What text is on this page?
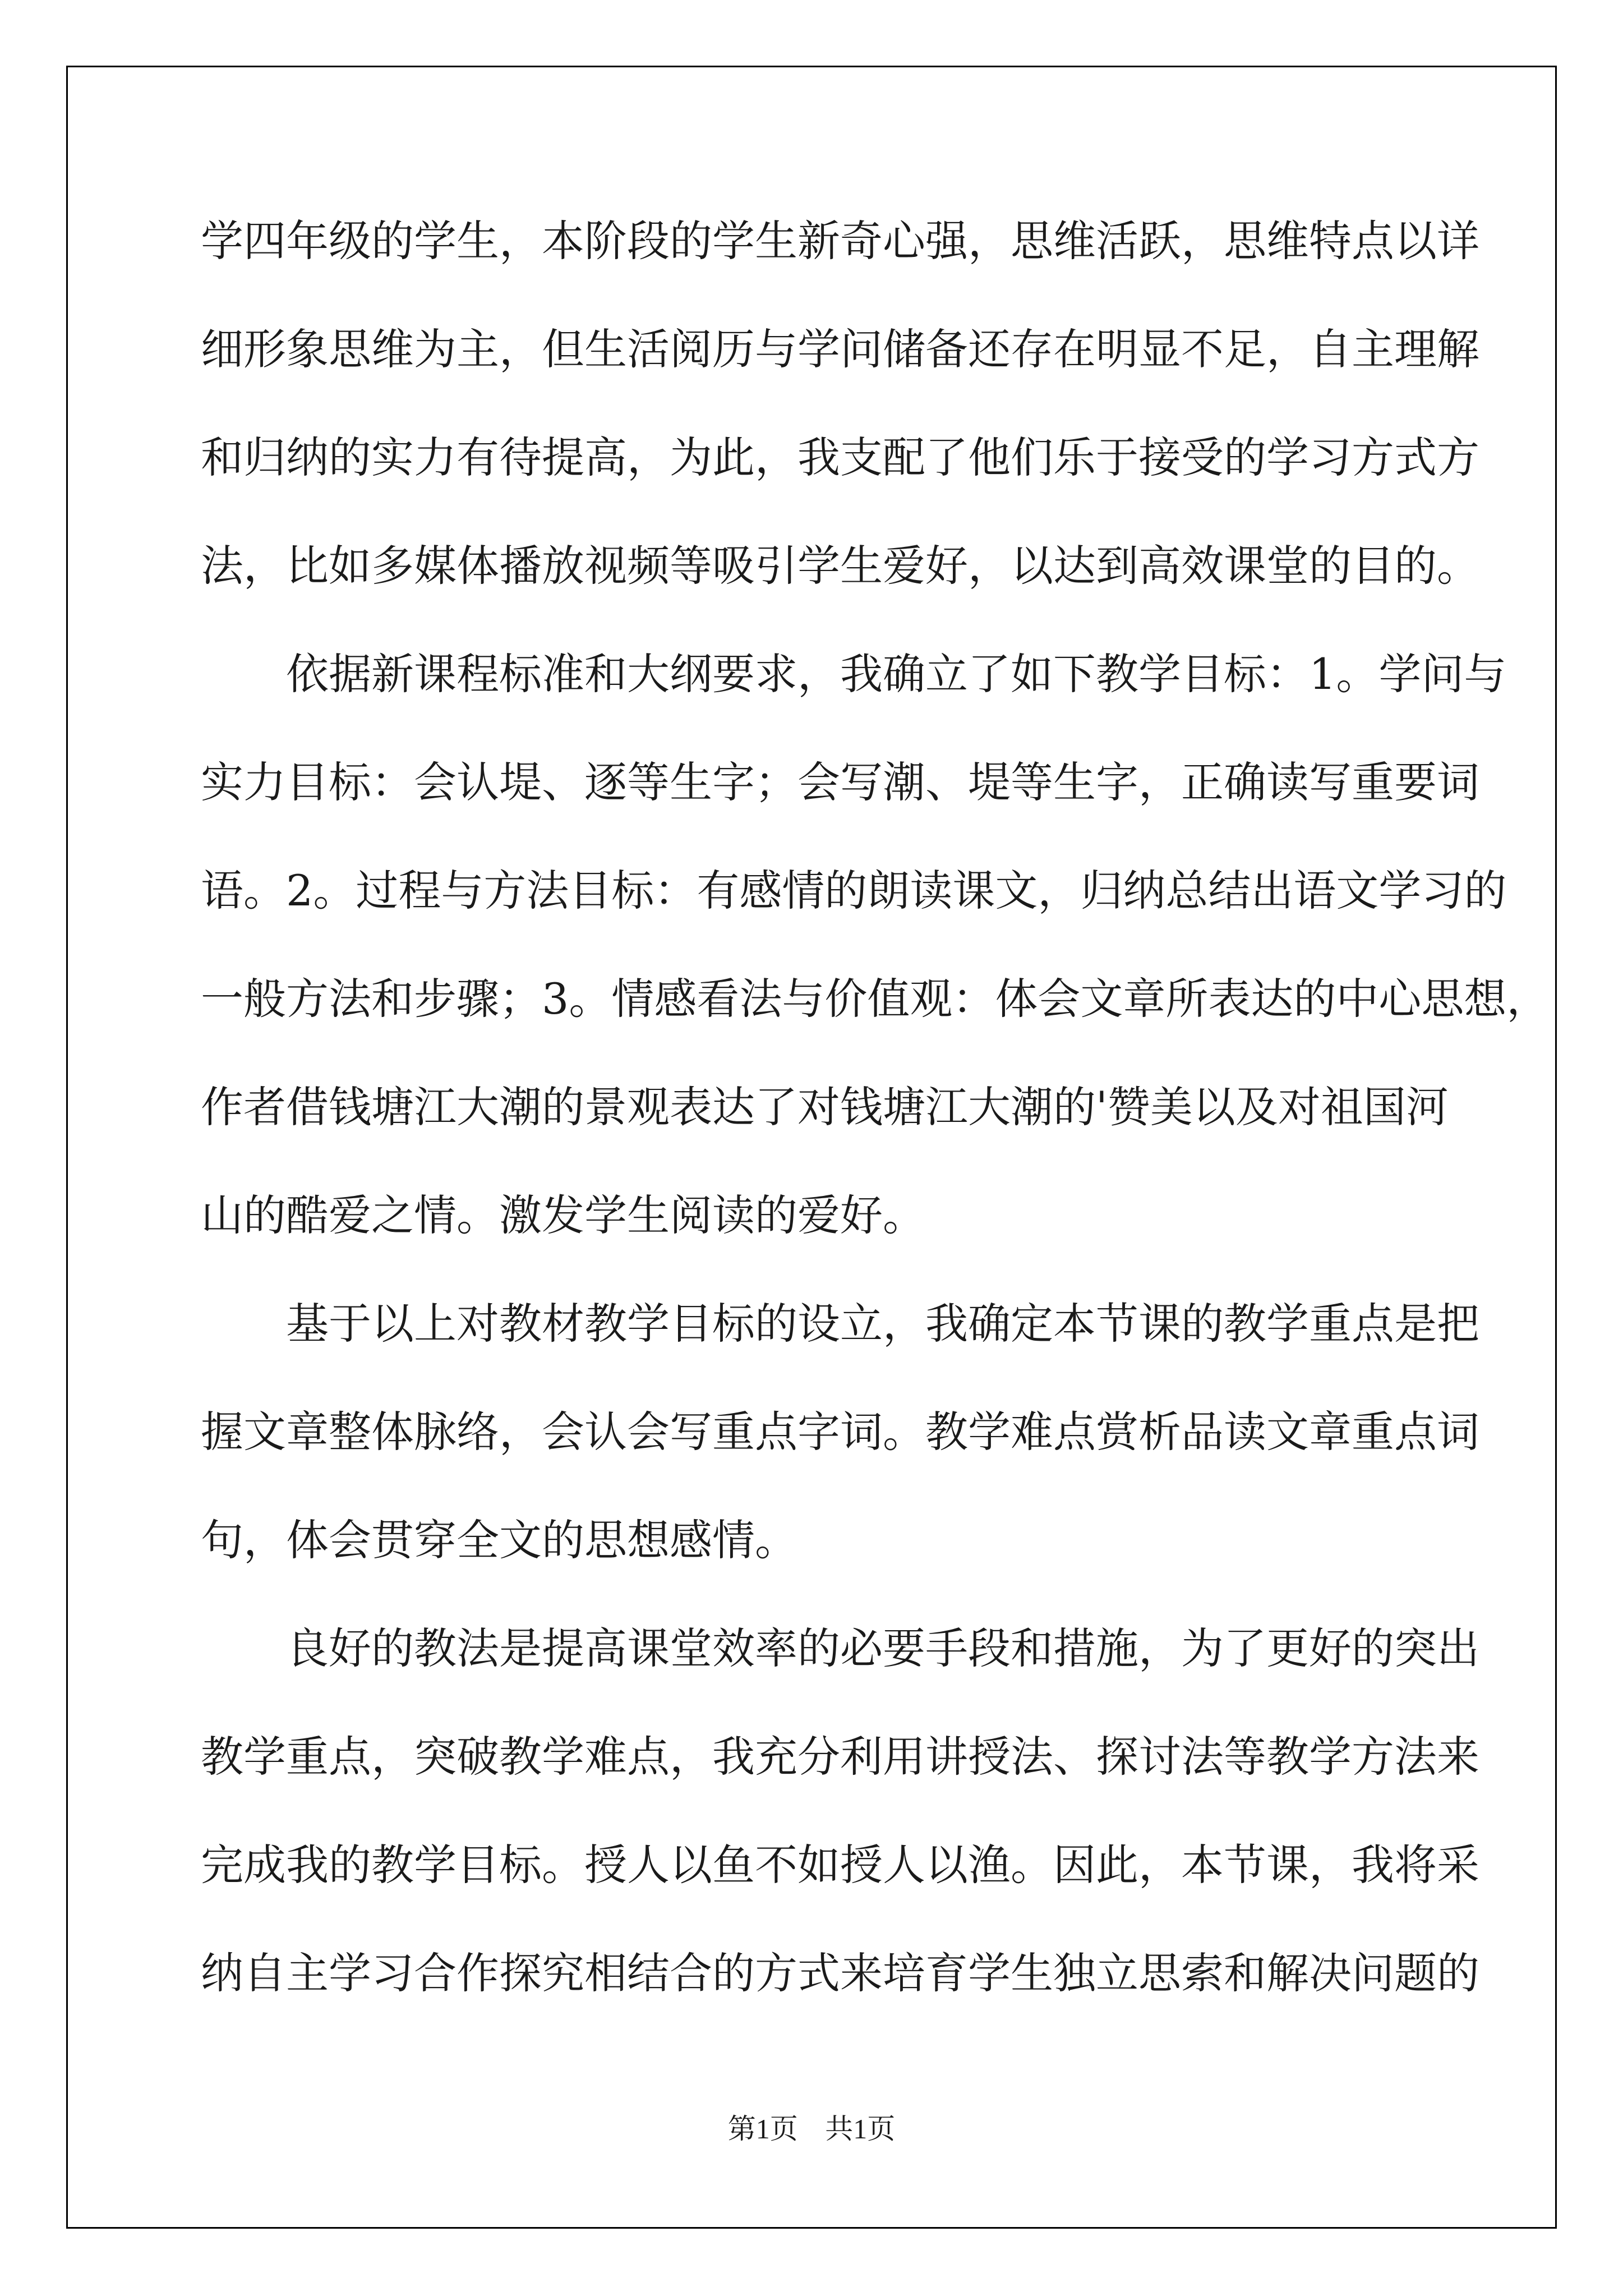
学四年级的学生，本阶段的学生新奇心强，思维活跃，思维特点以详
细形象思维为主，但生活阅历与学问储备还存在明显不足，自主理解
和归纳的实力有待提高，为此，我支配了他们乐于接受的学习方式方
法，比如多媒体播放视频等吸引学生爱好，以达到高效课堂的目的。
　　依据新课程标准和大纲要求，我确立了如下教学目标：1。学问与
实力目标：会认堤、逐等生字；会写潮、堤等生字，正确读写重要词
语。2。过程与方法目标：有感情的朗读课文，归纳总结出语文学习的
一般方法和步骤；3。情感看法与价值观：体会文章所表达的中心思想，
作者借钱塘江大潮的景观表达了对钱塘江大潮的'赞美以及对祖国河
山的酷爱之情。激发学生阅读的爱好。
　　基于以上对教材教学目标的设立，我确定本节课的教学重点是把
握文章整体脉络，会认会写重点字词。教学难点赏析品读文章重点词
句，体会贯穿全文的思想感情。
　　良好的教法是提高课堂效率的必要手段和措施，为了更好的突出
教学重点，突破教学难点，我充分利用讲授法、探讨法等教学方法来
完成我的教学目标。授人以鱼不如授人以渔。因此，本节课，我将采
纳自主学习合作探究相结合的方式来培育学生独立思索和解决问题的
第1页 共1页
